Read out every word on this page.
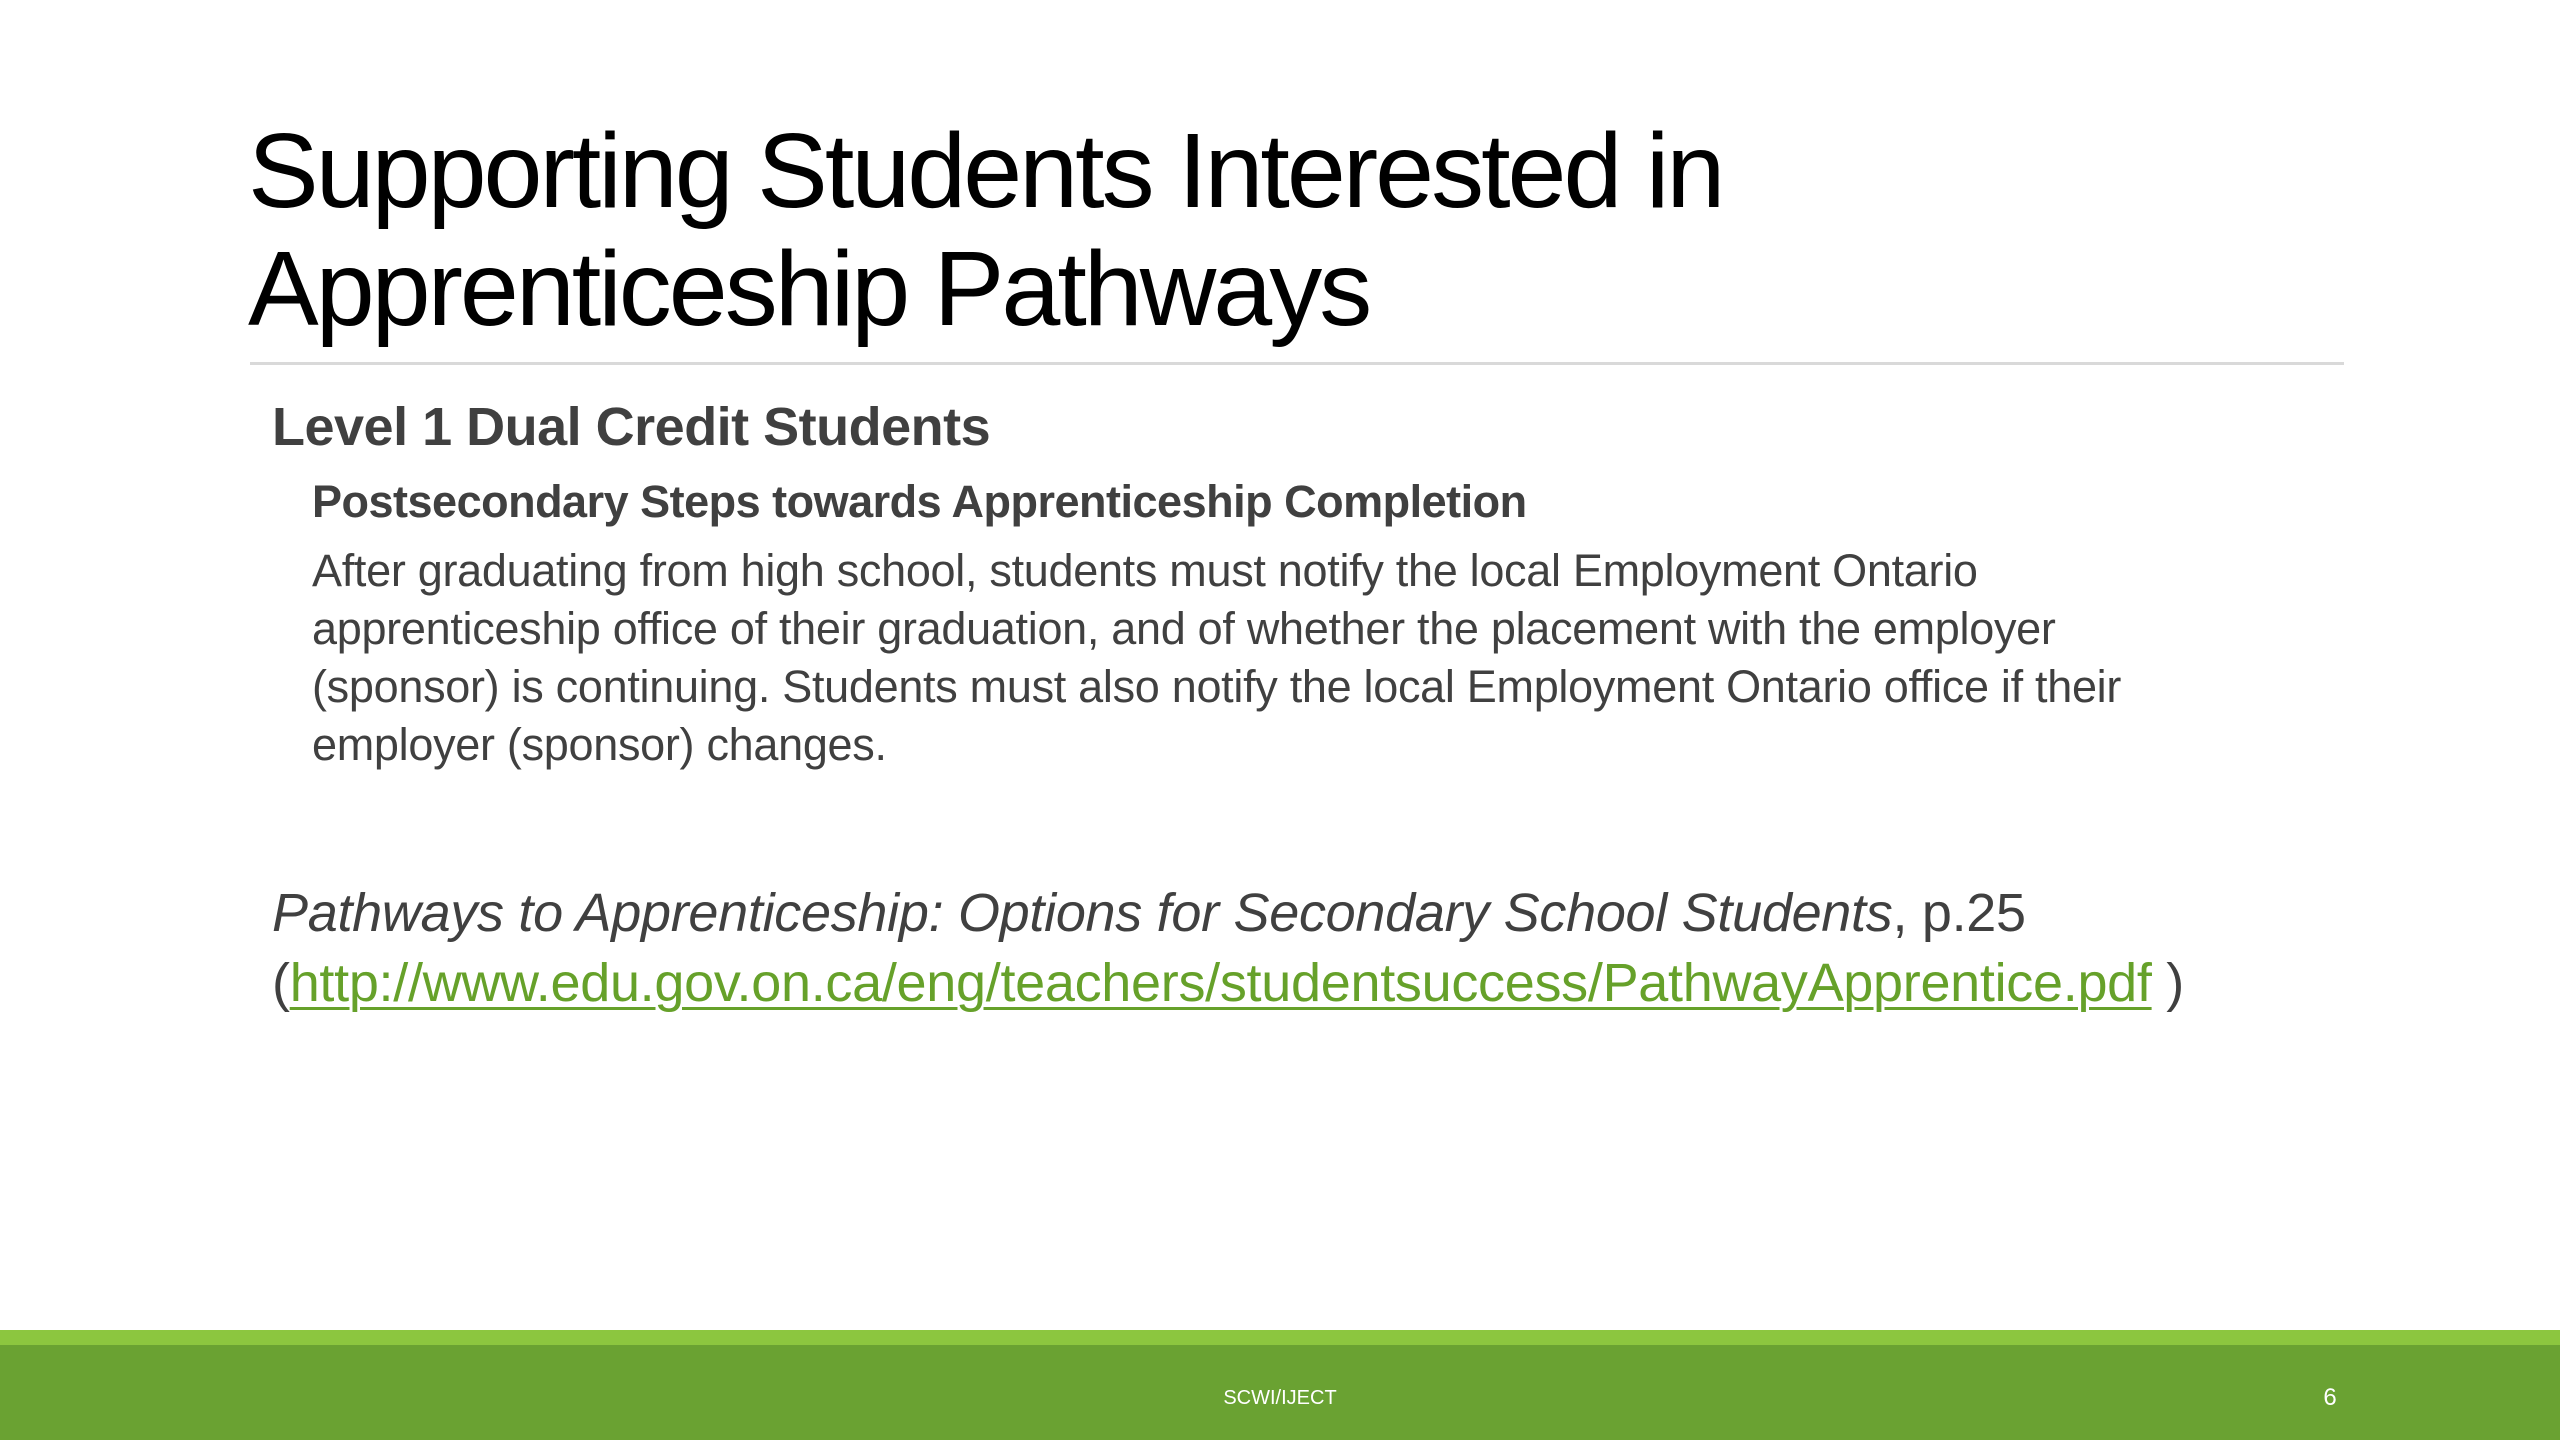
Supporting Students Interested in
Apprenticeship Pathways

Level 1 Dual Credit Students

Postsecondary Steps towards Apprenticeship Completion

After graduating from high school, students must notify the local Employment Ontario
apprenticeship office of their graduation, and of whether the placement with the employer
(sponsor) is continuing. Students must also notify the local Employment Ontario office if their
employer (sponsor) changes.

Pathways to Apprenticeship: Options for Secondary School Students, p.25
(http://www.edu.gov.on.ca/eng/teachers/studentsuccess/PathwayApprentice.pdf )

SCWI/IJECT	6
